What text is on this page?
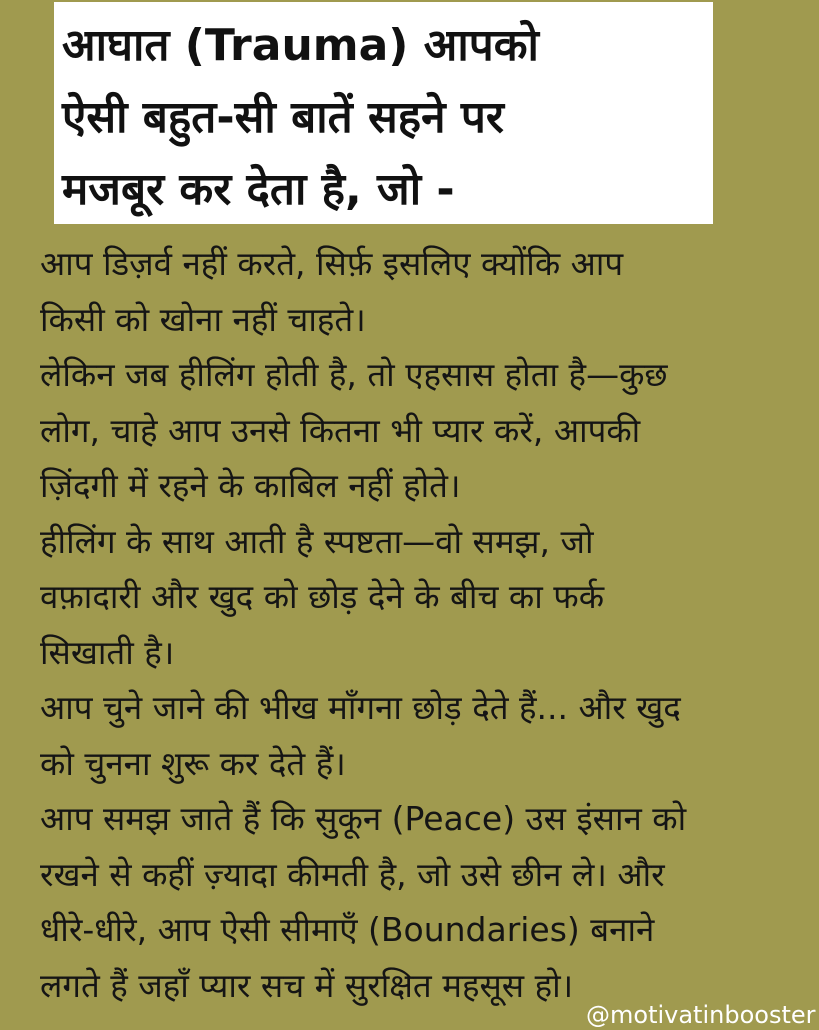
आघात (Trauma) आपको
ऐसी बहुत-सी बातें सहने पर
मजबूर कर देता है, जो -
आप डिज़र्व नहीं करते, सिर्फ़ इसलिए क्योंकि आप
किसी को खोना नहीं चाहते।
लेकिन जब हीलिंग होती है, तो एहसास होता है—कुछ
लोग, चाहे आप उनसे कितना भी प्यार करें, आपकी
ज़िंदगी में रहने के काबिल नहीं होते।
हीलिंग के साथ आती है स्पष्टता—वो समझ, जो
वफ़ादारी और खुद को छोड़ देने के बीच का फर्क
सिखाती है।
आप चुने जाने की भीख माँगना छोड़ देते हैं... और खुद
को चुनना शुरू कर देते हैं।
आप समझ जाते हैं कि सुकून (Peace) उस इंसान को
रखने से कहीं ज़्यादा कीमती है, जो उसे छीन ले। और
धीरे-धीरे, आप ऐसी सीमाएँ (Boundaries) बनाने
लगते हैं जहाँ प्यार सच में सुरक्षित महसूस हो।
@motivatinbooster
